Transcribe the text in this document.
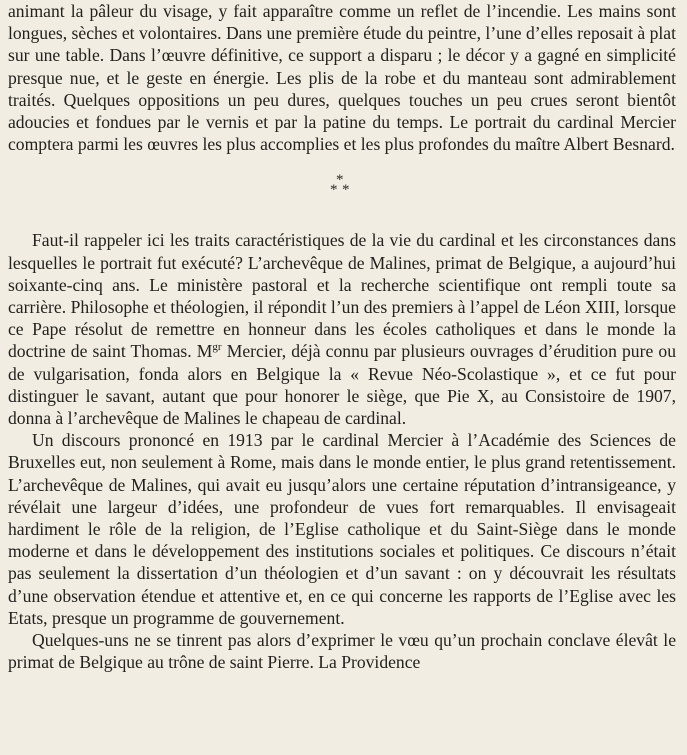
animant la pâleur du visage, y fait apparaître comme un reflet de l’incendie. Les mains sont longues, sèches et volontaires. Dans une première étude du peintre, l’une d’elles reposait à plat sur une table. Dans l’œuvre définitive, ce support a disparu ; le décor y a gagné en simplicité presque nue, et le geste en énergie. Les plis de la robe et du manteau sont admirablement traités. Quelques oppositions un peu dures, quelques touches un peu crues seront bientôt adoucies et fondues par le vernis et par la patine du temps. Le portrait du cardinal Mercier comptera parmi les œuvres les plus accomplies et les plus profondes du maître Albert Besnard.

*
* *

Faut-il rappeler ici les traits caractéristiques de la vie du cardinal et les circonstances dans lesquelles le portrait fut exécuté? L’archevêque de Malines, primat de Belgique, a aujourd’hui soixante-cinq ans. Le ministère pastoral et la recherche scientifique ont rempli toute sa carrière. Philosophe et théologien, il répondit l’un des premiers à l’appel de Léon XIII, lorsque ce Pape résolut de remettre en honneur dans les écoles catholiques et dans le monde la doctrine de saint Thomas. $M^{gr}$ Mercier, déjà connu par plusieurs ouvrages d’érudition pure ou de vulgarisation, fonda alors en Belgique la « Revue Néo-Scolastique », et ce fut pour distinguer le savant, autant que pour honorer le siège, que Pie X, au Consistoire de 1907, donna à l’archevêque de Malines le chapeau de cardinal.

Un discours prononcé en 1913 par le cardinal Mercier à l’Académie des Sciences de Bruxelles eut, non seulement à Rome, mais dans le monde entier, le plus grand retentissement. L’archevêque de Malines, qui avait eu jusqu’alors une certaine réputation d’intransigeance, y révélait une largeur d’idées, une profondeur de vues fort remarquables. Il envisageait hardiment le rôle de la religion, de l’Eglise catholique et du Saint-Siège dans le monde moderne et dans le développement des institutions sociales et politiques. Ce discours n’était pas seulement la dissertation d’un théologien et d’un savant : on y découvrait les résultats d’une observation étendue et attentive et, en ce qui concerne les rapports de l’Eglise avec les Etats, presque un programme de gouvernement.

Quelques-uns ne se tinrent pas alors d’exprimer le vœu qu’un prochain conclave élevât le primat de Belgique au trône de saint Pierre. La Providence
